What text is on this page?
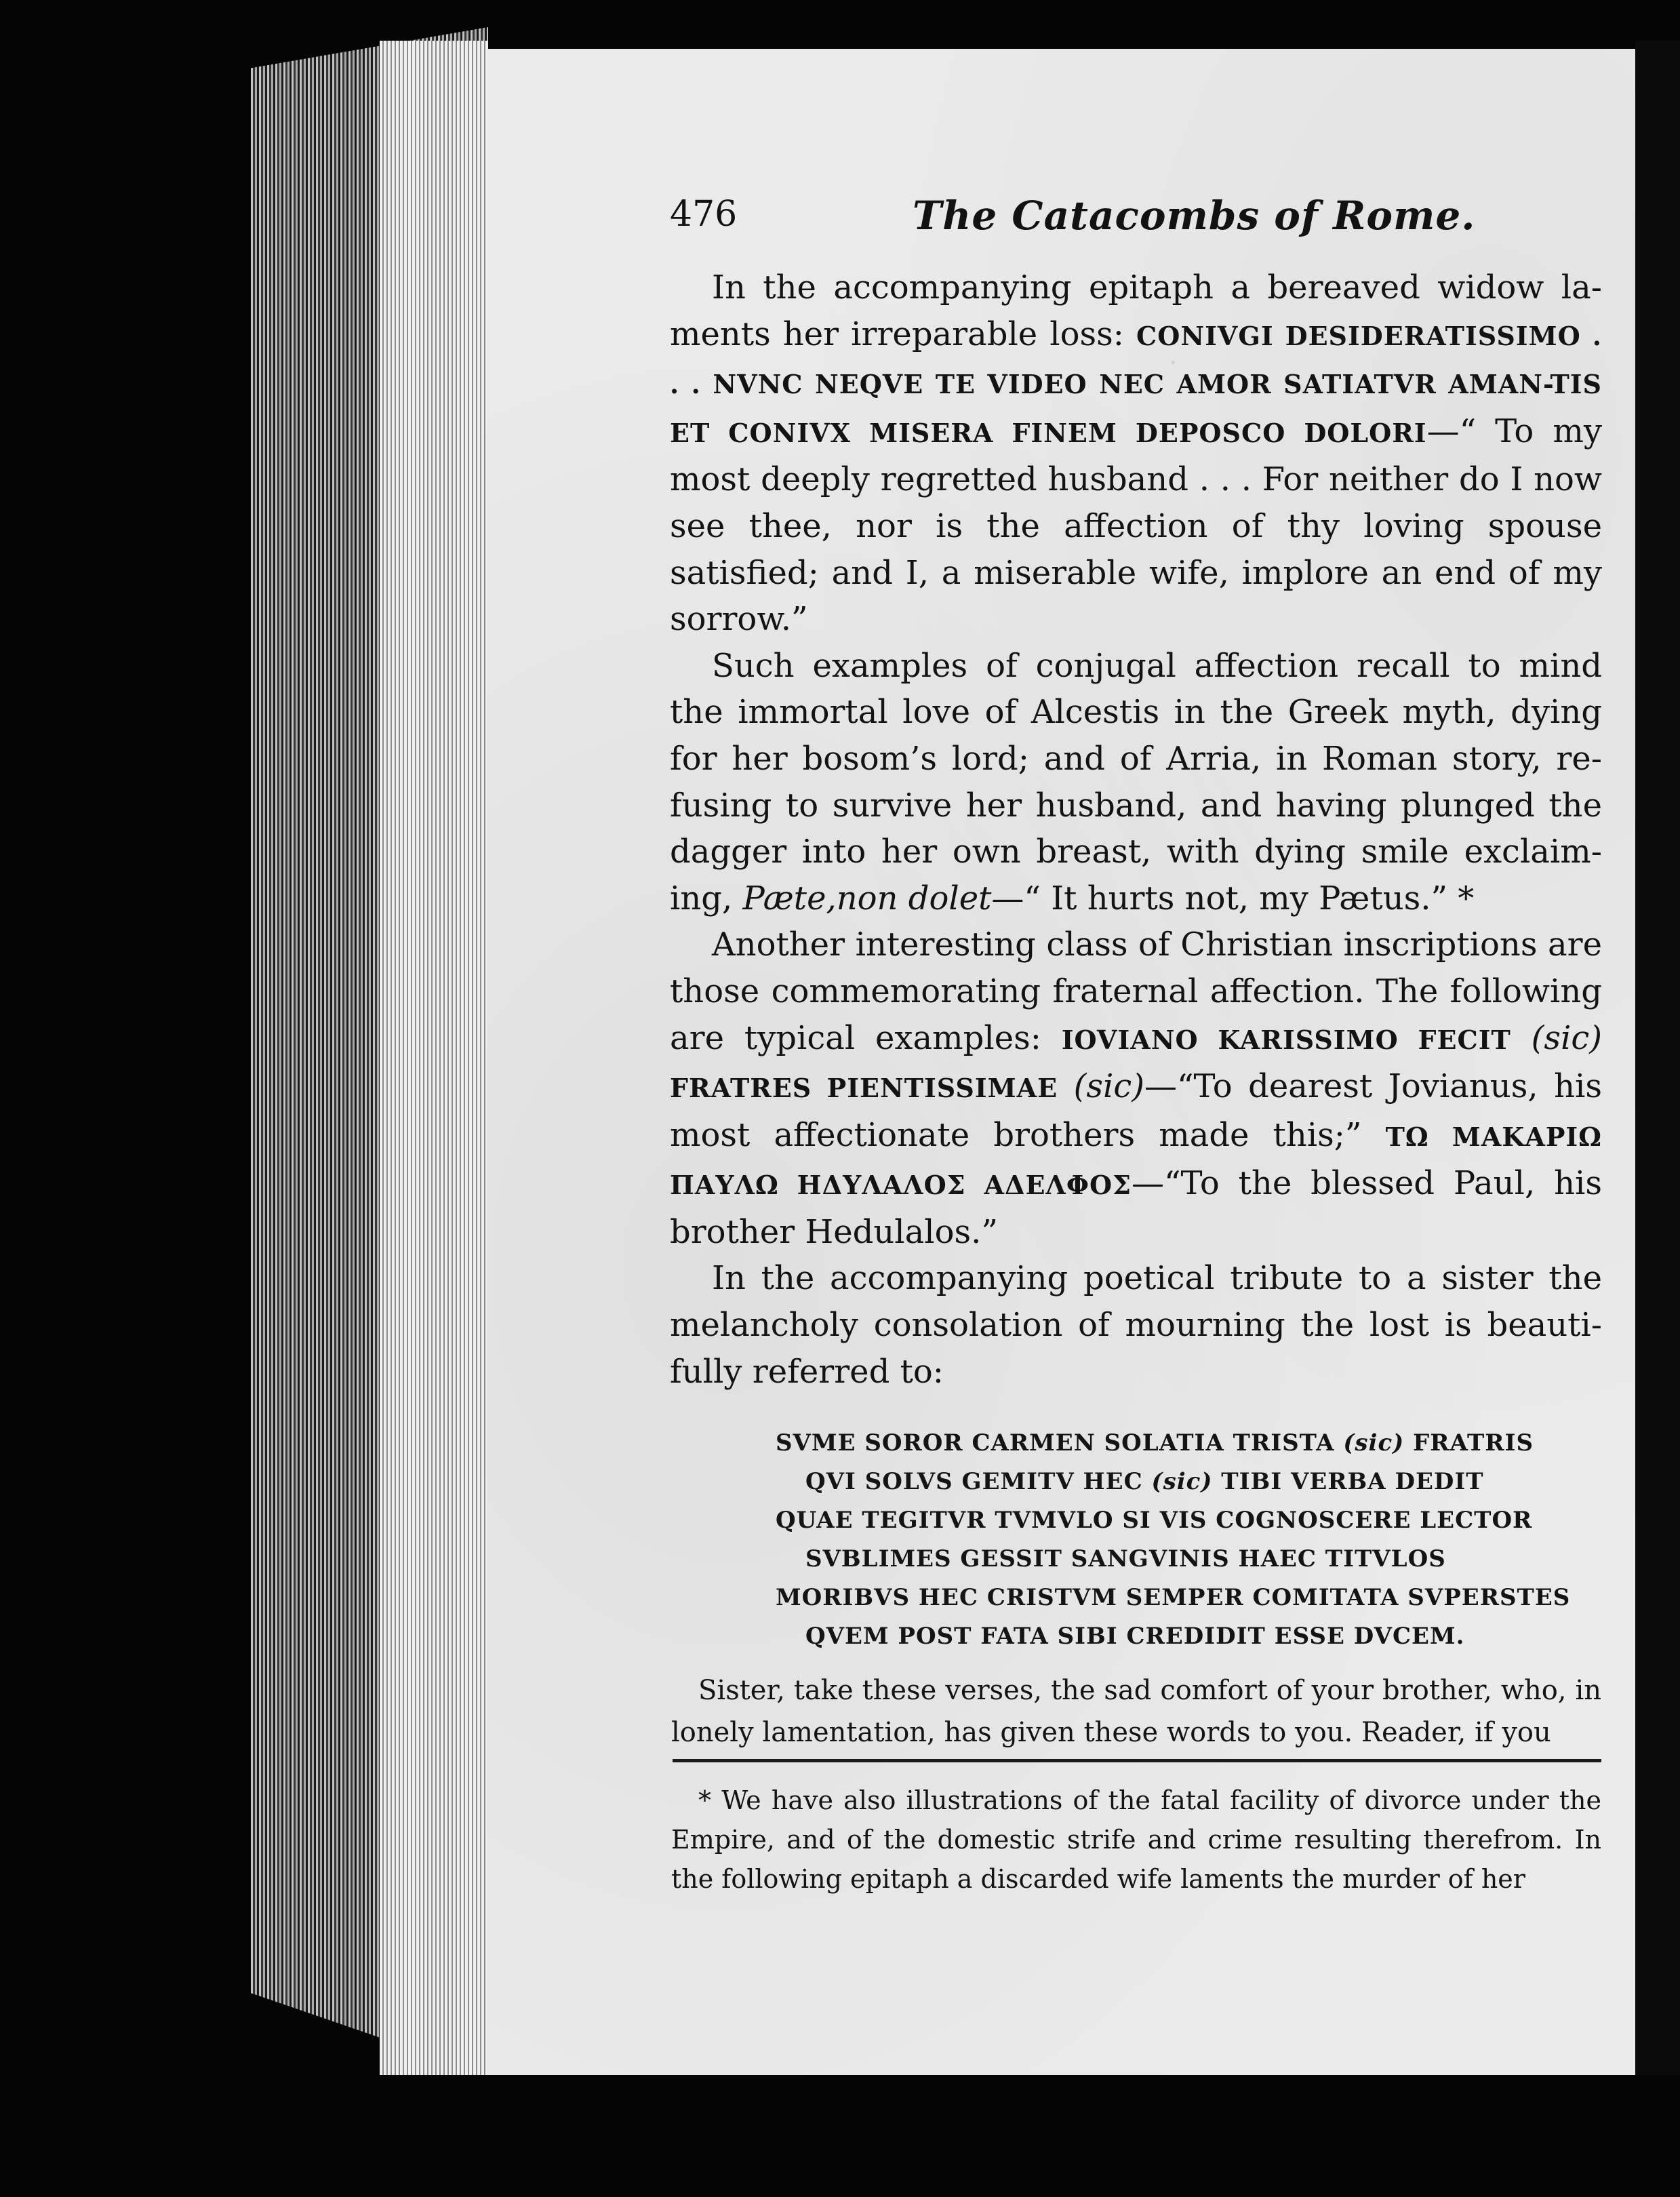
476	The Catacombs of Rome.

In the accompanying epitaph a bereaved widow la-ments her irreparable loss: CONIVGI DESIDERATISSIMO . . . NVNC NEQVE TE VIDEO NEC AMOR SATIATVR AMAN-TIS ET CONIVX MISERA FINEM DEPOSCO DOLORI—“ To my most deeply regretted husband . . . For neither do I now see thee, nor is the affection of thy loving spouse satisfied; and I, a miserable wife, implore an end of my sorrow.”

Such examples of conjugal affection recall to mind the immortal love of Alcestis in the Greek myth, dying for her bosom’s lord; and of Arria, in Roman story, re-fusing to survive her husband, and having plunged the dagger into her own breast, with dying smile exclaim-ing, Pæte,non dolet—“ It hurts not, my Pætus.” *

Another interesting class of Christian inscriptions are those commemorating fraternal affection. The following are typical examples: IOVIANO KARISSIMO FECIT (sic) FRATRES PIENTISSIMAE (sic)—“To dearest Jovianus, his most affectionate brothers made this;” ΤΩ ΜΑΚΑΡΙΩ ΠΑΥΛΩ ΗΔΥΛΑΛΟΣ ΑΔΕΛΦΟΣ—“To the blessed Paul, his brother Hedulalos.”

In the accompanying poetical tribute to a sister the melancholy consolation of mourning the lost is beauti-fully referred to:

SVME SOROR CARMEN SOLATIA TRISTA (sic) FRATRIS
QVI SOLVS GEMITV HEC (sic) TIBI VERBA DEDIT
QUAE TEGITVR TVMVLO SI VIS COGNOSCERE LECTOR
SVBLIMES GESSIT SANGVINIS HAEC TITVLOS
MORIBVS HEC CRISTVM SEMPER COMITATA SVPERSTES
QVEM POST FATA SIBI CREDIDIT ESSE DVCEM.
Sister, take these verses, the sad comfort of your brother, who, in lonely lamentation, has given these words to you. Reader, if you
* We have also illustrations of the fatal facility of divorce under the Empire, and of the domestic strife and crime resulting therefrom. In the following epitaph a discarded wife laments the murder of her
